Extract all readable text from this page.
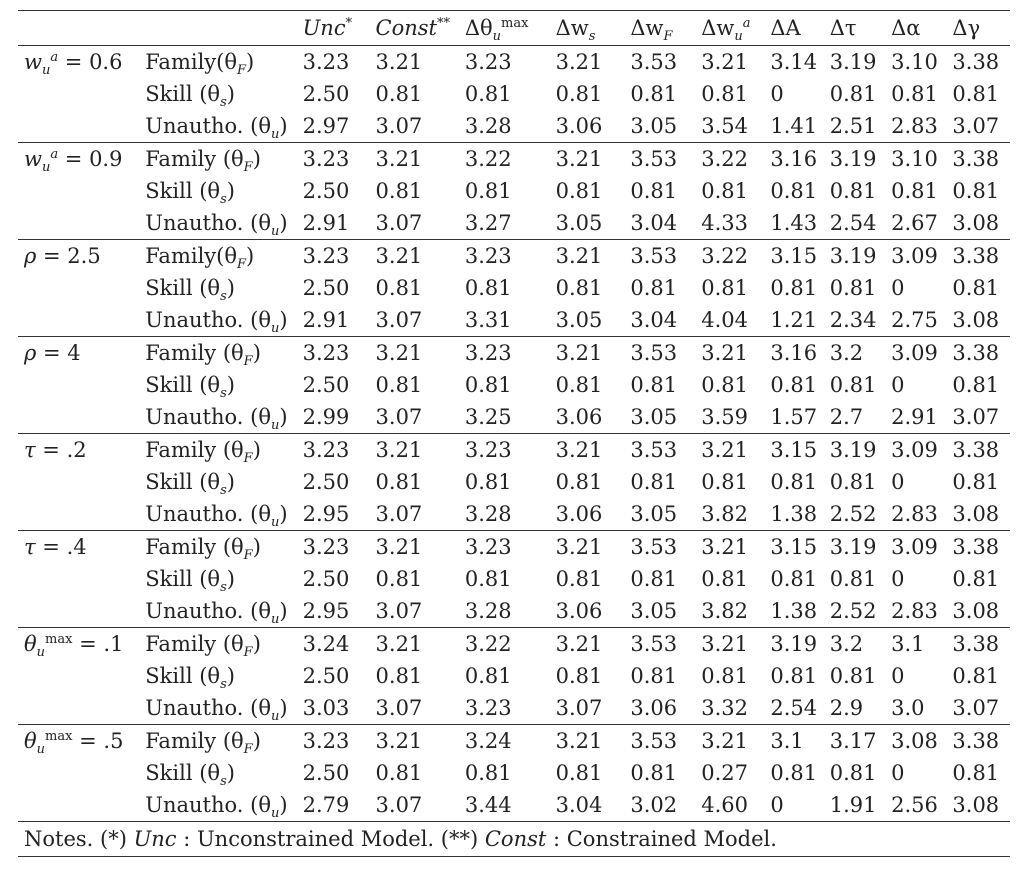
		Unc*	Const**	$\Delta\theta_u^{max}$	$\Delta w_s$	$\Delta w_F$	$\Delta w_u^a$	ΔA	Δτ	Δα	Δγ
$w_u^a = 0.6$	$Family(\theta_F)$	3.23	3.21	3.23	3.21	3.53	3.21	3.14	3.19	3.10	3.38
	Skill $(\theta_s)$	2.50	0.81	0.81	0.81	0.81	0.81	0	0.81	0.81	0.81
	Unautho. $(\theta_u)$	2.97	3.07	3.28	3.06	3.05	3.54	1.41	2.51	2.83	3.07
$w_u^a = 0.9$	Family $(\theta_F)$	3.23	3.21	3.22	3.21	3.53	3.22	3.16	3.19	3.10	3.38
	Skill $(\theta_s)$	2.50	0.81	0.81	0.81	0.81	0.81	0.81	0.81	0.81	0.81
	Unautho. $(\theta_u)$	2.91	3.07	3.27	3.05	3.04	4.33	1.43	2.54	2.67	3.08
ρ = 2.5	$Family(\theta_F)$	3.23	3.21	3.23	3.21	3.53	3.22	3.15	3.19	3.09	3.38
	Skill $(\theta_s)$	2.50	0.81	0.81	0.81	0.81	0.81	0.81	0.81	0	0.81
	Unautho. $(\theta_u)$	2.91	3.07	3.31	3.05	3.04	4.04	1.21	2.34	2.75	3.08
ρ = 4	Family $(\theta_F)$	3.23	3.21	3.23	3.21	3.53	3.21	3.16	3.2	3.09	3.38
	Skill $(\theta_s)$	2.50	0.81	0.81	0.81	0.81	0.81	0.81	0.81	0	0.81
	Unautho. $(\theta_u)$	2.99	3.07	3.25	3.06	3.05	3.59	1.57	2.7	2.91	3.07
τ = .2	Family $(\theta_F)$	3.23	3.21	3.23	3.21	3.53	3.21	3.15	3.19	3.09	3.38
	Skill $(\theta_s)$	2.50	0.81	0.81	0.81	0.81	0.81	0.81	0.81	0	0.81
	Unautho. $(\theta_u)$	2.95	3.07	3.28	3.06	3.05	3.82	1.38	2.52	2.83	3.08
τ = .4	Family $(\theta_F)$	3.23	3.21	3.23	3.21	3.53	3.21	3.15	3.19	3.09	3.38
	Skill $(\theta_s)$	2.50	0.81	0.81	0.81	0.81	0.81	0.81	0.81	0	0.81
	Unautho. $(\theta_u)$	2.95	3.07	3.28	3.06	3.05	3.82	1.38	2.52	2.83	3.08
$\theta_u^{max} = .1$	Family $(\theta_F)$	3.24	3.21	3.22	3.21	3.53	3.21	3.19	3.2	3.1	3.38
	Skill $(\theta_s)$	2.50	0.81	0.81	0.81	0.81	0.81	0.81	0.81	0	0.81
	Unautho. $(\theta_u)$	3.03	3.07	3.23	3.07	3.06	3.32	2.54	2.9	3.0	3.07
$\theta_u^{max} = .5$	Family $(\theta_F)$	3.23	3.21	3.24	3.21	3.53	3.21	3.1	3.17	3.08	3.38
	Skill $(\theta_s)$	2.50	0.81	0.81	0.81	0.81	0.27	0.81	0.81	0	0.81
	Unautho. $(\theta_u)$	2.79	3.07	3.44	3.04	3.02	4.60	0	1.91	2.56	3.08
Notes. (*) Unc : Unconstrained Model. (**) Const : Constrained Model.											
